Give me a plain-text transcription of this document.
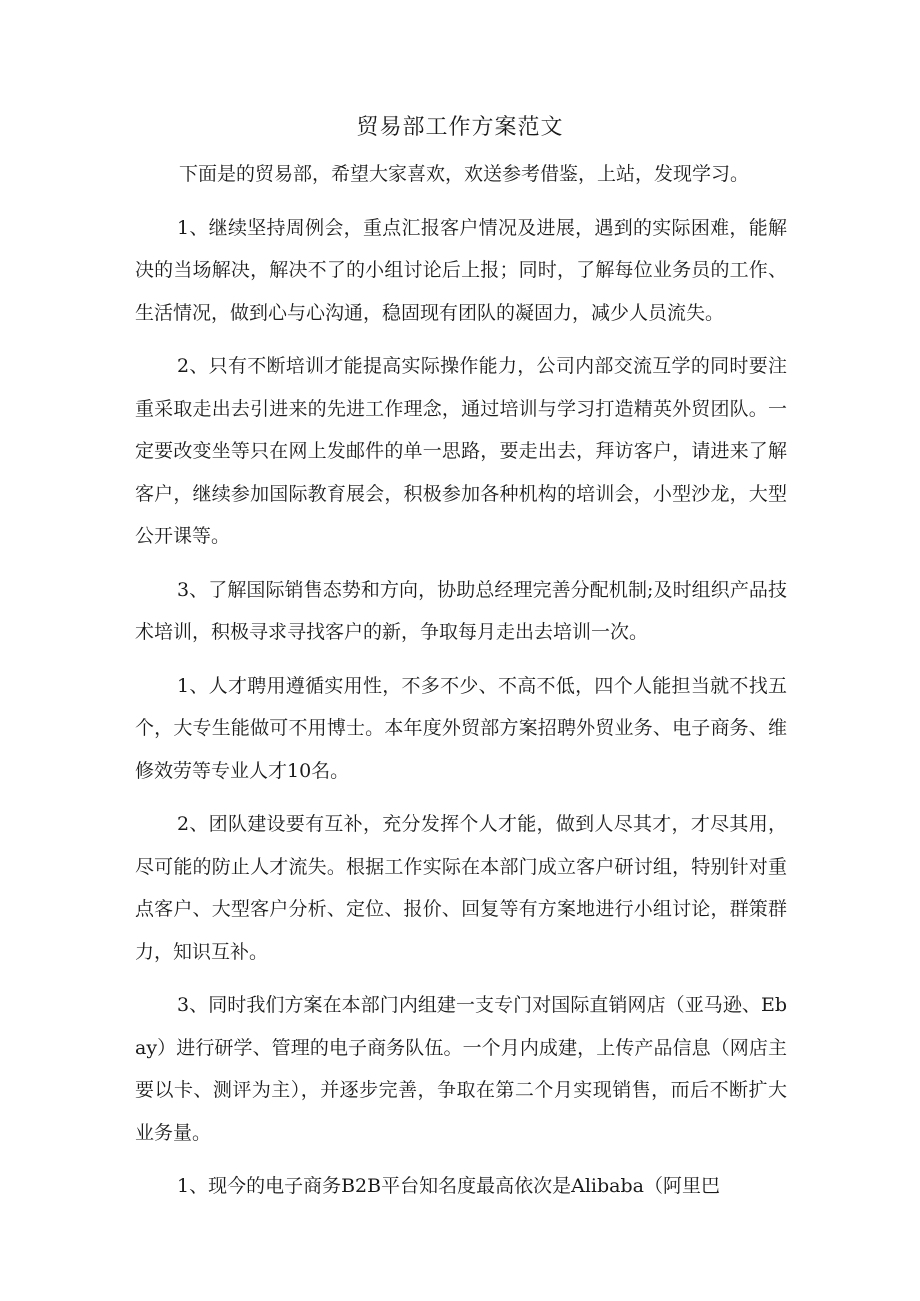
贸易部工作方案范文

下面是的贸易部，希望大家喜欢，欢送参考借鉴，上站，发现学习。

1、继续坚持周例会，重点汇报客户情况及进展，遇到的实际困难，能解决的当场解决，解决不了的小组讨论后上报；同时，了解每位业务员的工作、生活情况，做到心与心沟通，稳固现有团队的凝固力，减少人员流失。

2、只有不断培训才能提高实际操作能力，公司内部交流互学的同时要注重采取走出去引进来的先进工作理念，通过培训与学习打造精英外贸团队。一定要改变坐等只在网上发邮件的单一思路，要走出去，拜访客户，请进来了解客户，继续参加国际教育展会，积极参加各种机构的培训会，小型沙龙，大型公开课等。

3、了解国际销售态势和方向，协助总经理完善分配机制;及时组织产品技术培训，积极寻求寻找客户的新，争取每月走出去培训一次。

1、人才聘用遵循实用性，不多不少、不高不低，四个人能担当就不找五个，大专生能做可不用博士。本年度外贸部方案招聘外贸业务、电子商务、维修效劳等专业人才10名。

2、团队建设要有互补，充分发挥个人才能，做到人尽其才，才尽其用，尽可能的防止人才流失。根据工作实际在本部门成立客户研讨组，特别针对重点客户、大型客户分析、定位、报价、回复等有方案地进行小组讨论，群策群力，知识互补。

3、同时我们方案在本部门内组建一支专门对国际直销网店（亚马逊、Ebay）进行研学、管理的电子商务队伍。一个月内成建，上传产品信息（网店主要以卡、测评为主），并逐步完善，争取在第二个月实现销售，而后不断扩大业务量。

1、现今的电子商务B2B平台知名度最高依次是Alibaba（阿里巴
